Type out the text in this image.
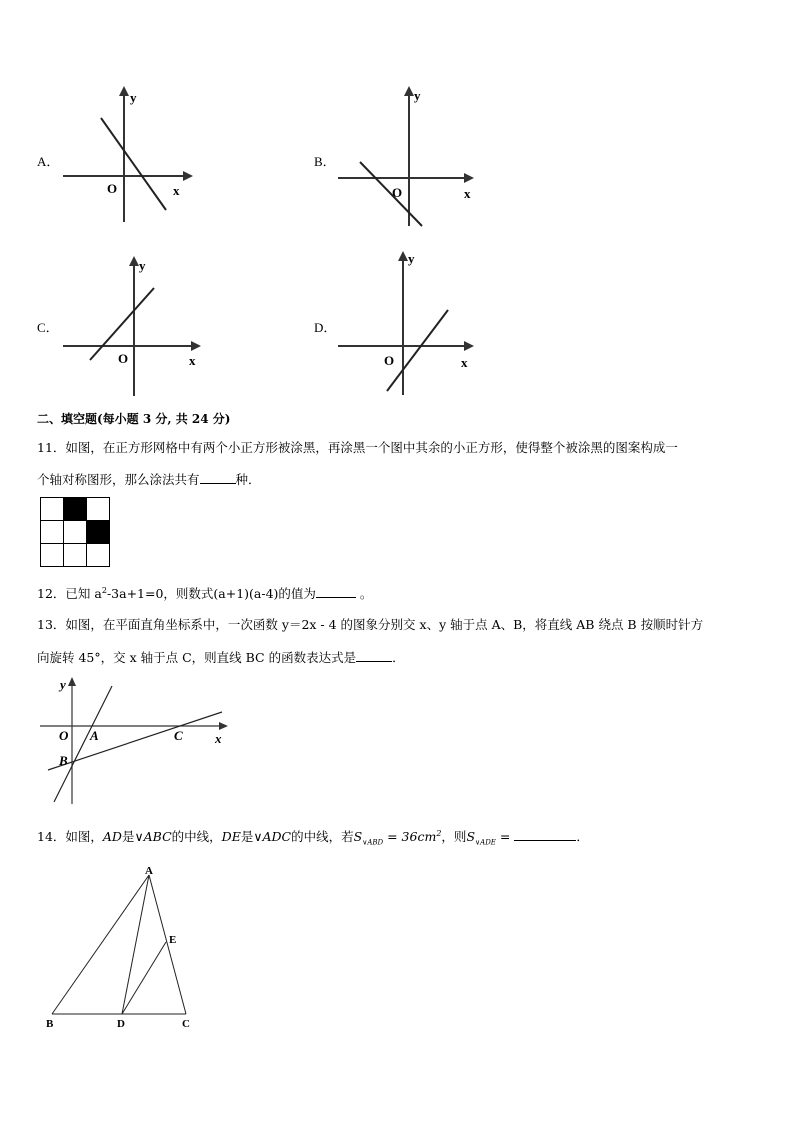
A．
O	x
y
B．
O	x
y
C．
O	x
y
D．
O	x
y
二、填空题(每小题 3 分, 共 24 分)
11．如图，在正方形网格中有两个小正方形被涂黑，再涂黑一个图中其余的小正方形，使得整个被涂黑的图案构成一
个轴对称图形，那么涂法共有	种．

12．已知 $a^2-3a+1=0$，则数式(a+1)(a-4)的值为	。
13．如图，在平面直角坐标系中，一次函数 y＝2x - 4 的图象分别交 x、y 轴于点 A、B，将直线 AB 绕点 B 按顺时针方
向旋转 45°，交 x 轴于点 C，则直线 BC 的函数表达式是	．
y
x
O A	C
B
14．如图，AD是∨ABC的中线，DE是∨ADC的中线，若$S_{\vee ABD} = 36cm^2$，则$S_{\vee ADE}$ =	．
A
B	C
D
E
